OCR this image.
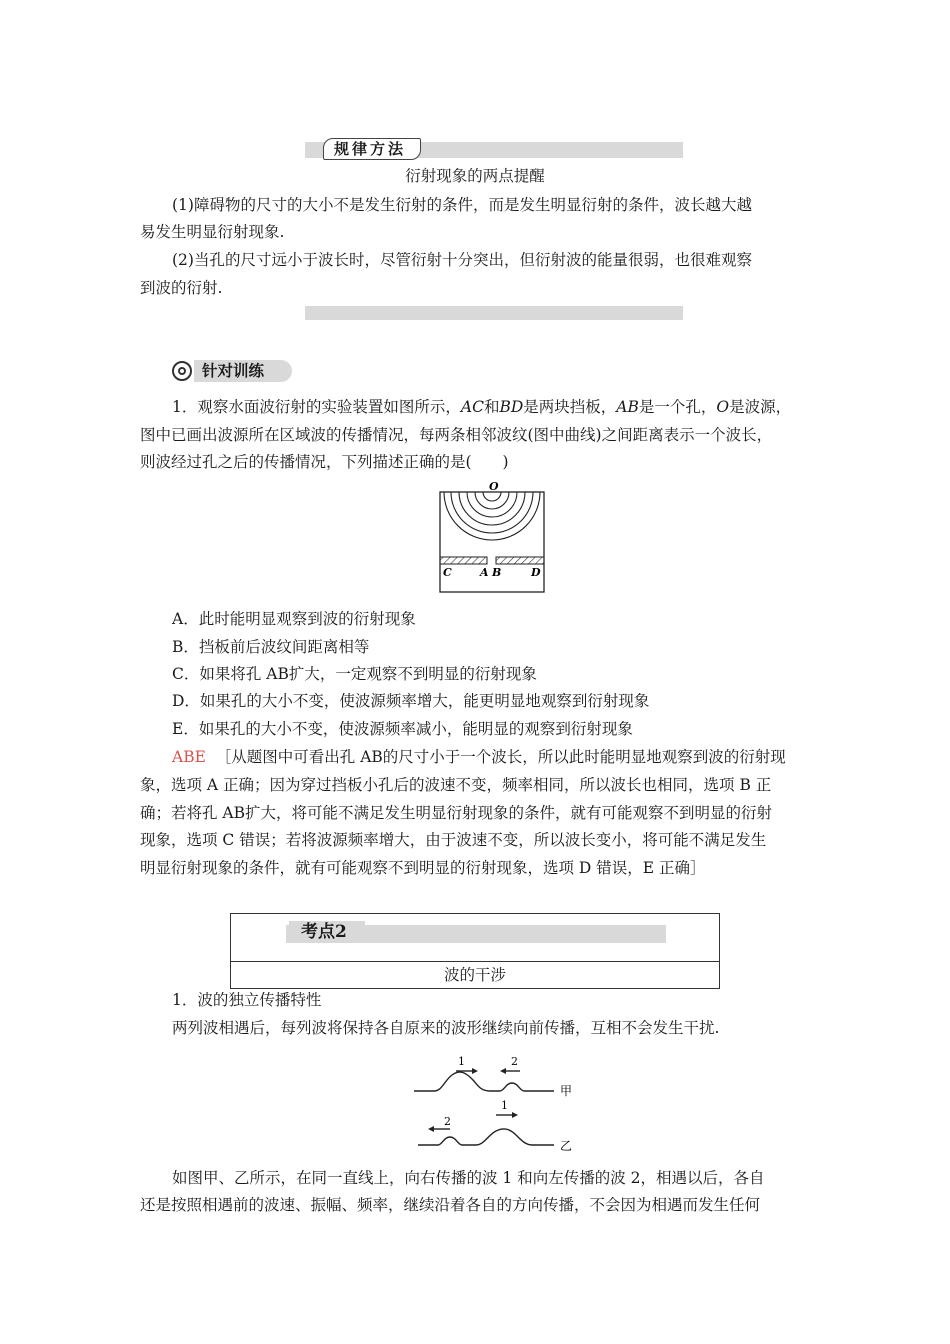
规律方法
衍射现象的两点提醒
(1)障碍物的尺寸的大小不是发生衍射的条件，而是发生明显衍射的条件，波长越大越
易发生明显衍射现象.
(2)当孔的尺寸远小于波长时，尽管衍射十分突出，但衍射波的能量很弱，也很难观察
到波的衍射.
针对训练
1．观察水面波衍射的实验装置如图所示，AC和BD是两块挡板，AB是一个孔，O是波源，
图中已画出波源所在区域波的传播情况，每两条相邻波纹(图中曲线)之间距离表示一个波长，
则波经过孔之后的传播情况，下列描述正确的是(　　)
O
C	A B	D
A．此时能明显观察到波的衍射现象
B．挡板前后波纹间距离相等
C．如果将孔 AB扩大，一定观察不到明显的衍射现象
D．如果孔的大小不变，使波源频率增大，能更明显地观察到衍射现象
E．如果孔的大小不变，使波源频率减小，能明显的观察到衍射现象
ABE ［从题图中可看出孔 AB的尺寸小于一个波长，所以此时能明显地观察到波的衍射现
象，选项 A 正确；因为穿过挡板小孔后的波速不变，频率相同，所以波长也相同，选项 B 正
确；若将孔 AB扩大，将可能不满足发生明显衍射现象的条件，就有可能观察不到明显的衍射
现象，选项 C 错误；若将波源频率增大，由于波速不变，所以波长变小，将可能不满足发生
明显衍射现象的条件，就有可能观察不到明显的衍射现象，选项 D 错误，E 正确］
考点2
波的干涉
1．波的独立传播特性
两列波相遇后，每列波将保持各自原来的波形继续向前传播，互相不会发生干扰.
1	2
2
1
甲
乙
如图甲、乙所示，在同一直线上，向右传播的波 1 和向左传播的波 2，相遇以后，各自
还是按照相遇前的波速、振幅、频率，继续沿着各自的方向传播，不会因为相遇而发生任何
